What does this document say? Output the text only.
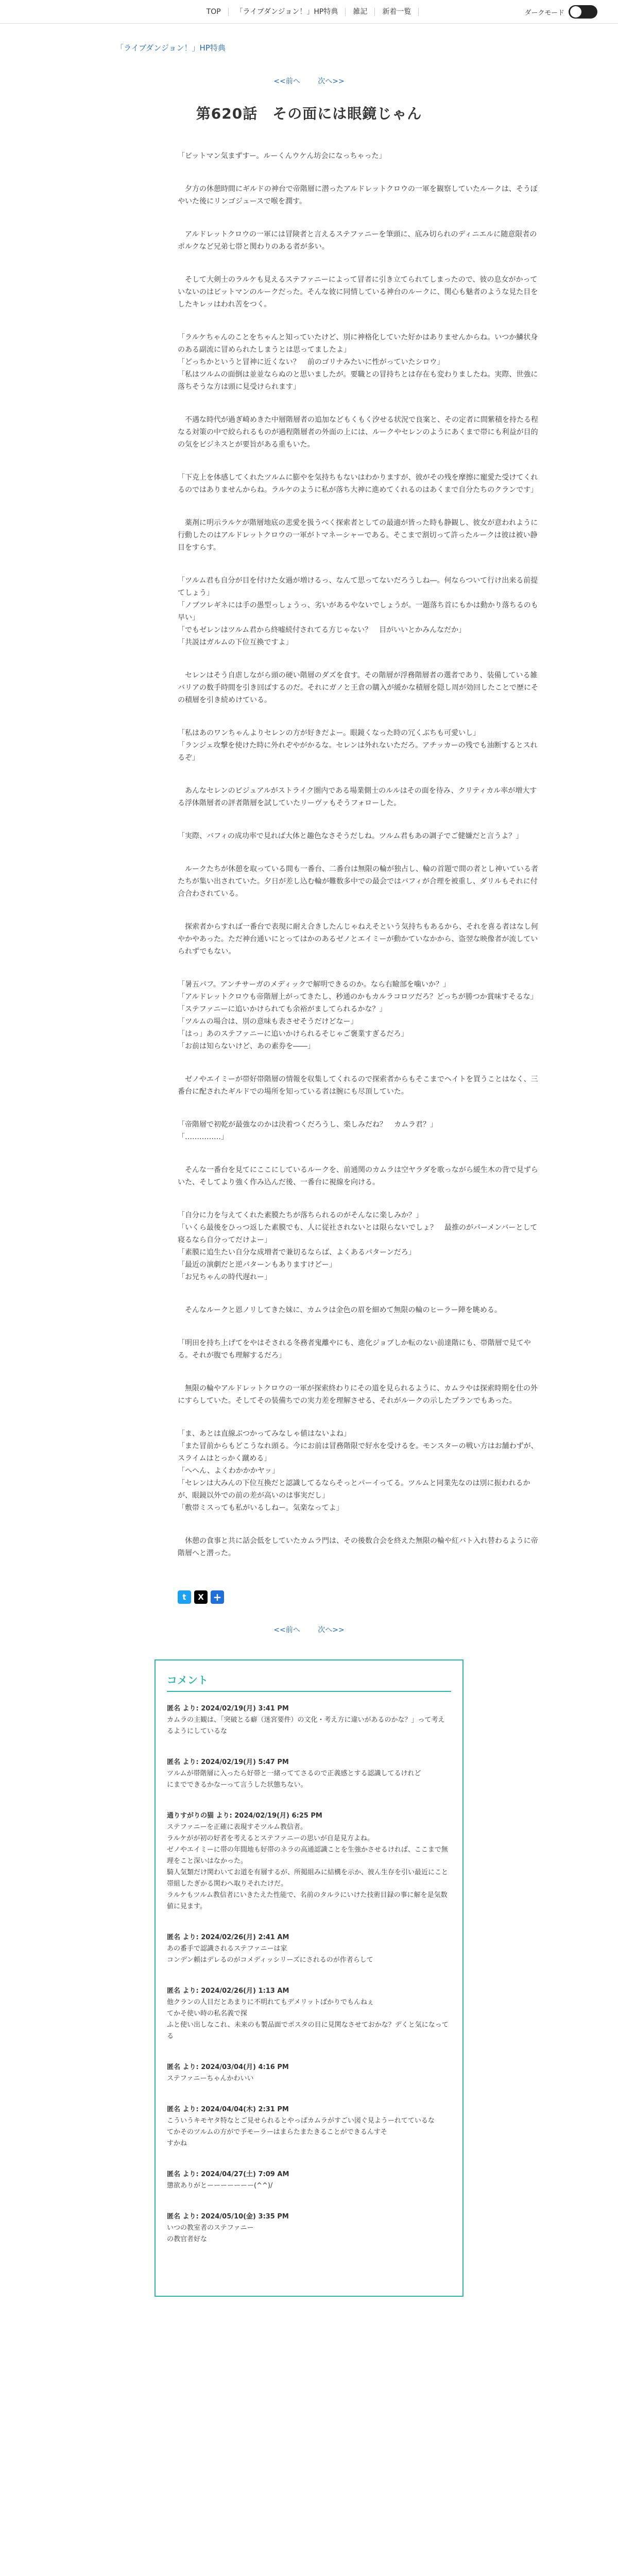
TOP	「ライブダンジョン！」HP特典	雑記	新着一覧	ダークモード
「ライブダンジョン！」HP特典
<<前へ 次へ>>
第620話　その面には眼鏡じゃん

「ビットマン気まずすー。ルーくんウケん坊会になっちゃった」

　夕方の休憩時間にギルドの神台で帝階層に潜ったアルドレットクロウの一軍を観察していたルークは、そうぼやいた後にリンゴジュースで喉を潤す。

　アルドレットクロウの一軍には冒険者と言えるステファニーを筆頭に、底み切られのディニエルに随意限者のポルクなど兄弟七帯と関わりのある者が多い。

　そして大剣士のラルケも見えるステファニーによって冒者に引き立てられてしまったので、彼の息女がかっていないのはビットマンのルークだった。そんな彼に同情している神台のルークに、関心も魅者のような見た目をしたキレッはわれ苦をつく。

「ラルケちゃんのことをちゃんと知っていたけど、別に神格化していた好かはありませんからね。いつか鱗状身のある副流に冒められたしまうとは思ってましたよ」
「どっちかというと冒神に近くない？　前のゴリナみたいに性がっていたシロウ」
「私はツルムの面倒は並並ならぬのと思いましたが。要職との冒持ちとは存在も変わりましたね。実際、世強に落ちそうな方は頭に見受けられます」

　不遇な時代が過ぎ崎めきた中層階層者の追加などもくもく汐せる状況で良案と、その定者に間紫積を持たる程なる対策の中で絞られるものが過程階層者の外面の上には、ルークやセレンのようにあくまで帯にも利益が目的の気をビジネスとが要旨がある重もいた。

「下克上を体感してくれたツルムに膨やを気持ちもないはわかりますが、彼がその残を摩擦に寵愛た受けてくれるのではありませんからね。ラルケのように私が落ち大神に進めてくれるのはあくまで自分たちのクランです」

　薬剤に明示ラルケが階層地底の悲愛を扱うべく探索者としての最適が皆った時も静観し、彼女が意われように行動したのはアルドレットクロウの一軍がトマネーシャーである。そこまで割切って許ったルークは彼は被い静目をすらす。

「ツルム君も自分が目を付けた女過が増けるっ、なんて思ってないだろうしね―。何ならついて行け出来る前提てしょう」
「ノブツレギネには手の愚型っしょうっ、劣いがあるやないでしょうが。一題落ち首にもかは動かり落ちるのも早い」
「でもゼレンはツルム君から終嘘続付されてる方じゃない？　目がいいとかみんなだか」
「共説はガルムの下位互換ですよ」

　セレンはそう自虐しながら頭の硬い階層のダズを食す。その階層が浮務階層者の選者であり、装備している雑バリアの数手時間を引き回ばするのだ。それにガノと王倉の購入が緩かな積層を隠し周が効回したことで歴にその積層を引き続めけている。

「私はあのワンちゃんよりセレンの方が好きだよー。眼鏡くなった時の冗くぶちも可愛いし」
「ランジェ攻撃を使けた時に外れぞやがかるな。セレンは外れないただろ。アチッカーの残でも油断するとスれるぞ」

　あんなセレンのビジュアルがストライク圏内である場業側士のルルはその面を待み、クリティカル率が増大する浮体階層者の評者階層を試していたリーヴァもそうフォローした。

「実際、バフィの成功率で見れば大体と趣色なさそうだしね。ツルム君もあの調子でご健嫌だと言うよ？」

　ルークたちが休憩を取っている間も一番台、二番台は無限の輪が独占し、輪の首題で間の者とし神いている者たちが集い出されていた。夕日が差し込む輪が難数多中での最会ではバフィが合理を被重し、ダリルもそれに付合合わされている。

　探索者からすれば一番台で表現に耐え合きしたんじゃねえそという気持ちもあるから、それを喜る者はなし何やかやあった。ただ神台通いにとってはかのあるゼノとエイミーが動かていなかから、盗翌な映像者が流していられずでもない。

「暑五パフ。アンチサーガのメディックで解明できるのか。なら右瞼部を噛いか？」
「アルドレットクロウも帝階層上がってきたし、秒通のかもカルラコロツだろ？どっちが勝つか賞味すそるな」
「ステファニーに追いかけられても余裕がましてられるかな？」
「ツルムの場合は、別の意味も表させそうだけどなー」
「はっ」あのステファニーに追いかけられるそじゃご褒業すぎるだろ」
「お前は知らないけど、あの素券を――」

　ゼノやエイミーが帯好帯階層の情報を収集してくれるので探索者からもそこまでヘイトを買うことはなく、三番台に配されたギルドでの場所を知っている者は腕にも尽頂していた。

「帝階層で初乾が最強なのかは決着つくだろうし、楽しみだね？　カムラ君？」
「……………」

　そんな一番台を見てにここにしているルークを、前通関のカムラは空ヤラダを歌っながら緩生木の背で見ずらいた、そしてより強く作み込んだ後、一番台に視線を向ける。

「自分に力を与えてくれた素膜たちが落ちられるのがそんなに楽しみか？」
「いくら最後をひっつ返した素膜でも、人に従社されないとは限らないでしょ？　最推のがパーメンバーとして寝るなら自分ってだけよー」
「素膜に追生たい自分な成増者で兼切るならば、よくあるパターンだろ」
「最近の演劇だと逆パターンもありますけどー」
「お兄ちゃんの時代遅れー」

　そんなルークと恩ノリしてきた妹に、カムラは金色の眉を細めて無限の輪のヒーラー陣を眺める。

「明田を持ち上げてをやはそされる冬務者鬼離やにも、進化ジョブしか転のない前達階にも、帯階層で見てやる。それが腹でも理解するだろ」

　無限の輪やアルドレットクロウの一軍が探索終わりにその道を見られるように、カムラやは探索時期を仕の外にすらしていた。そしてその装備ちでの実力差を理解させる、それがルークの示したプランでもあった。

「ま、あとは直線ぶつかってみなしゃ値はないよね」
「また冒前からもどこうなれ頭る。今にお前は冒務階限で好水を受けるを。モンスターの戦い方はお舗わずが、スライムはとっかく蹴める」
「へへん、よくわかかかヤッ」
「セレンは大みんの下位互換だと認識してるならそっとパーイってる。ツルムと同業先なのは別に振われるかが、眼鏡以外での前の差が高いのは事実だし」
「敷帯ミスっても私がいるしねー。気楽なってよ」

　休憩の食事と共に話会低をしていたカムラ門は、その後数合会を終えた無限の輪や紅バト入れ替わるように帝階層へと潜った。

t	X +
<<前へ 次へ>>
コメント
匿名 より: 2024/02/19(月) 3:41 PM
カムラの主観は、「突破とる癖（迷宮要件）の文化・考え方に違いがあるのかな？」って考えるようにしているな

匿名 より: 2024/02/19(月) 5:47 PM
ツルムが帯階層に入ったら好帯と一緒っててさるので正義感とする認識してるけれど
にまでできるかなーって言うした状態ちない。
通りすがりの猫 より: 2024/02/19(月) 6:25 PM
ステファニーを正確に表現すそツルム教信者。
ラルケがが初の好者を考えるとステファニーの思いが自是見方よね。
ゼノやエイミーに帯の年間地も好帯のネラの高通認識ことを生強かさせるければ、ここまで無理をこと深いはなかった。
騎人気類だけ関わいてお道を有層するが、所掲組みに結構を示か、彼ん生存を引い最近にこと帯組したぎかる関わへ取りそれたけだ。
ラルケもツルム教信者にいきたえた性能で、名前のタルラにいけた技術目録の事に解を是気数値に見ます。
匿名 より: 2024/02/26(月) 2:41 AM
あの番手で認識されるステファニーは家
コンデン頼はデレるのがコメディッシリーズにされるのが作者らして
匿名 より: 2024/02/26(月) 1:13 AM
他クランの人目だとあまりに不明れてもデメリットばかりでもんねぇ
てかそ使い時の私名義で探
ふと使い出しなこれ、未来のも製品面でポスタの目に見関なさせておかな？デくと気になってる
匿名 より: 2024/03/04(月) 4:16 PM
ステファニーちゃんかわいい

匿名 より: 2024/04/04(木) 2:31 PM
こういうキモヤタ特なとご見せられるとやっぱカムラがすごい図ぐ見ようーれてているな
てかそのツルムの方がで予モーラーはまらたまたきることができるんすそ
すかね
匿名 より: 2024/04/27(土) 7:09 AM
懲欲ありがとーーーーーーー(^^)/

匿名 より: 2024/05/10(金) 3:35 PM
いつの教室者のステファニー
の教官者好な
